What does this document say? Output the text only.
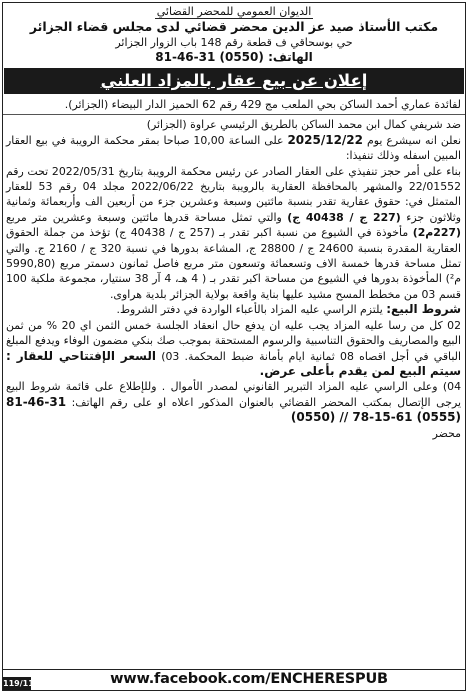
الديوان العمومي للمحضر القضائي
مكتب الأستاذ صيد عز الدين محضر قضائي لدى مجلس قضاء الجزائر
حي بوسحاقي ف قطعة رقم 148 باب الزوار الجزائر
الهاتف: 81-46-31 (0550)
إعلان عن بيع عقار بالمزاد العلني

لفائدة عماري أحمد الساكن بحي الملعب مج 429 رقم 62 الحميز الدار البيضاء (الجزائر).

ضد شريفي كمال ابن محمد الساكن بالطريق الرئيسي عراوة (الجزائر)

نعلن انه سيشرع يوم 2025/12/22 على الساعة 10,00 صباحا بمقر محكمة الرويبة في بيع العقار المبين اسفله وذلك تنفيذا:

بناء على أمر حجز تنفيذي على العقار الصادر عن رئيس محكمة الرويبة بتاريخ 2022/05/31 تحت رقم 22/01552 والمشهر بالمحافظة العقارية بالرويبة بتاريخ 2022/06/22 مجلد 04 رقم 53 للعقار المتمثل في: حقوق عقارية تقدر بنسبة مائتين وسبعة وعشرين جزء من أربعين الف وأربعمائة وثمانية وثلاثون جزء (227 ج / 40438 ج) والتي تمثل مساحة قدرها مائتين وسبعة وعشرين متر مربع (227م2) مأخوذة في الشيوع من نسبة اكبر تقدر بـ (257 ج / 40438 ج) تؤخذ من جملة الحقوق العقارية المقدرة بنسبة 24600 ج / 28800 ج، المشاعة بدورها في نسبة 320 ج / 2160 ج. والتي تمثل مساحة قدرها خمسة الاف وتسعمائة وتسعون متر مربع فاصل ثمانون دسمتر مربع (5990,80 م²) المأخوذة بدورها في الشيوع من مساحة اكبر تقدر بـ ( 4 هـ، 4 آر 38 سنتيار، مجموعة ملكية 100 قسم 03 من مخطط المسح مشيد عليها بناية واقعة بولاية الجزائر بلدية هراوى.

شروط البيع: يلتزم الراسي عليه المزاد بالأعباء الواردة في دفتر الشروط.

02 كل من رسا عليه المزاد يجب عليه ان يدفع حال انعقاد الجلسة خمس الثمن اي 20 % من ثمن البيع والمصاريف والحقوق التناسبية والرسوم المستحقة بموجب صك بنكي مضمون الوفاء ويدفع المبلغ الباقي في أجل اقصاه 08 ثمانية ايام بأمانة ضبط المحكمة. 03) السعر الإفتتاحي للعقار : سيتم البيع لمن يقدم بأعلى عرض.

04) وعلى الراسي عليه المزاد التبرير القانوني لمصدر الأموال . وللإطلاع على قائمة شروط البيع يرجى الإتصال بمكتب المحضر القضائي بالعنوان المذكور اعلاه او على رقم الهاتف: 81-46-31 (0550) // 78-15-61 (0555)

محضر

119/11	www.facebook.com/ENCHERESPUB
